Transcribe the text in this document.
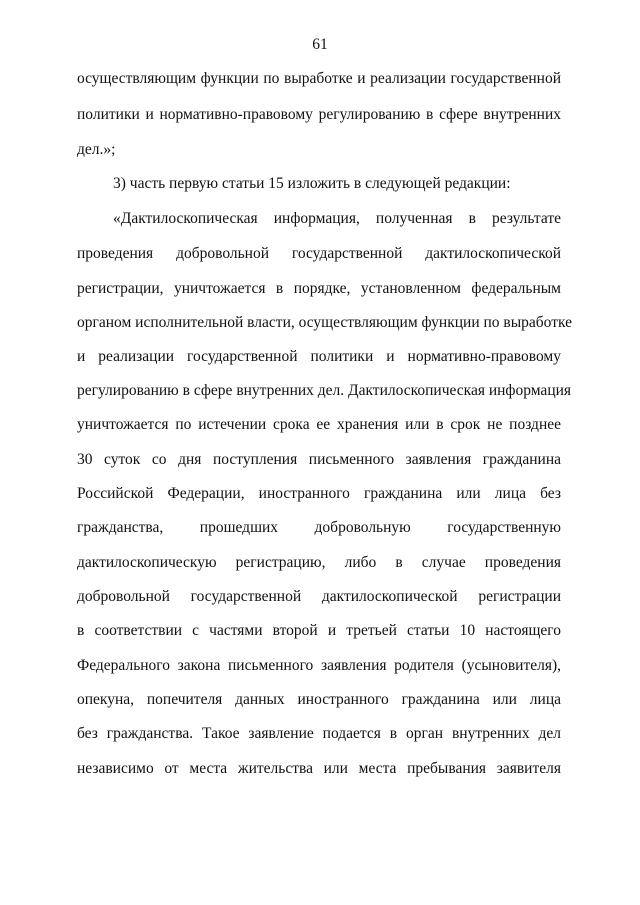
61
осуществляющим функции по выработке и реализации государственной
политики и нормативно-правовому регулированию в сфере внутренних
дел.»;
3) часть первую статьи 15 изложить в следующей редакции:
«Дактилоскопическая информация, полученная в результате
проведения добровольной государственной дактилоскопической
регистрации, уничтожается в порядке, установленном федеральным
органом исполнительной власти, осуществляющим функции по выработке
и реализации государственной политики и нормативно-правовому
регулированию в сфере внутренних дел. Дактилоскопическая информация
уничтожается по истечении срока ее хранения или в срок не позднее
30 суток со дня поступления письменного заявления гражданина
Российской Федерации, иностранного гражданина или лица без
гражданства, прошедших добровольную государственную
дактилоскопическую регистрацию, либо в случае проведения
добровольной государственной дактилоскопической регистрации
в соответствии с частями второй и третьей статьи 10 настоящего
Федерального закона письменного заявления родителя (усыновителя),
опекуна, попечителя данных иностранного гражданина или лица
без гражданства. Такое заявление подается в орган внутренних дел
независимо от места жительства или места пребывания заявителя
